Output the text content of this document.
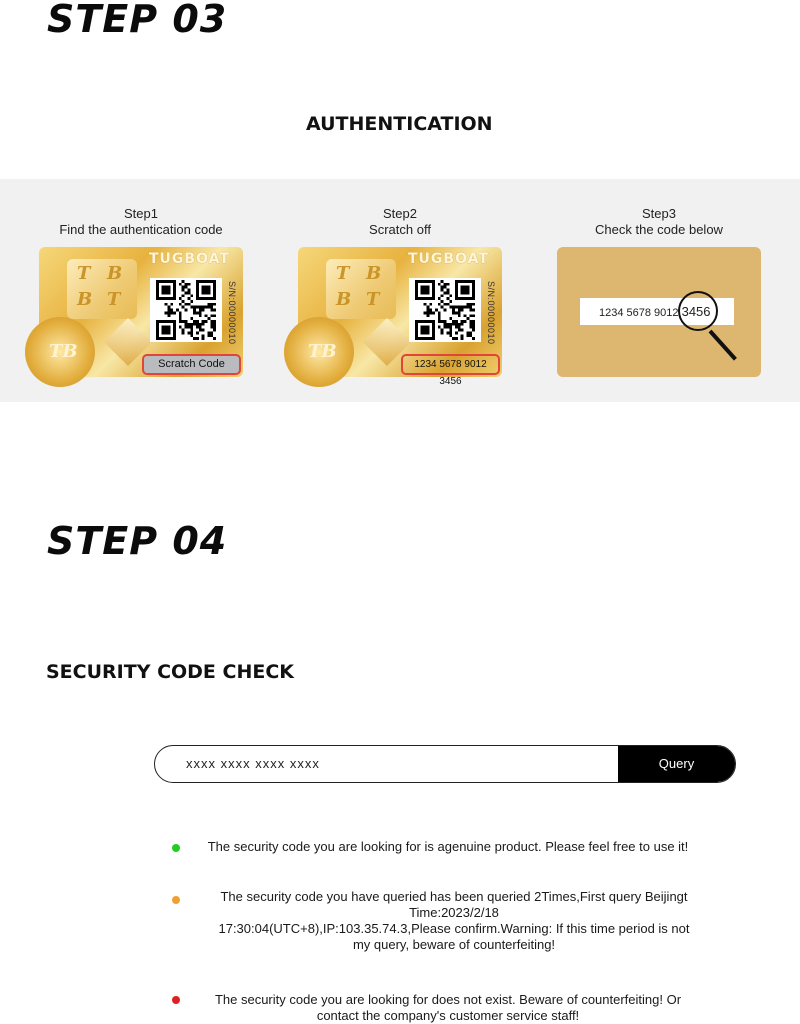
STEP 03
AUTHENTICATION
Step1
Find the authentication code
Step2
Scratch off
Step3
Check the code below
T B
B T
TB
TUGBOAT
S/N:00000010
Scratch Code
T B
B T
TB
TUGBOAT
S/N:00000010
1234 5678 9012 3456
1234 5678 9012 3456
STEP 04
SECURITY CODE CHECK
xxxx xxxx xxxx xxxx
Query
The security code you are looking for is agenuine product. Please feel free to use it!
The security code you have queried has been queried 2Times,First query Beijingt
Time:2023/2/18
17:30:04(UTC+8),IP:103.35.74.3,Please confirm.Warning: If this time period is not
my query, beware of counterfeiting!
The security code you are looking for does not exist. Beware of counterfeiting! Or
contact the company's customer service staff!
